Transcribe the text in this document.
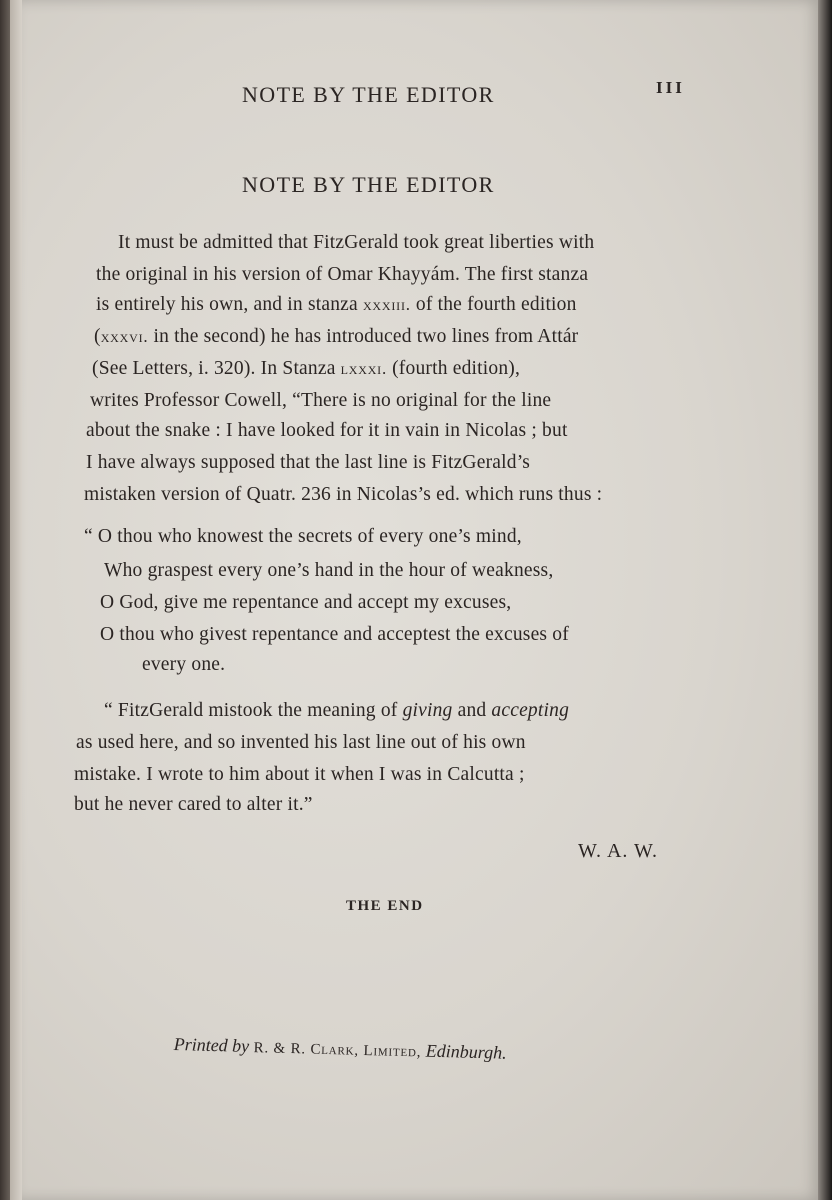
NOTE BY THE EDITOR	III
NOTE BY THE EDITOR
It must be admitted that FitzGerald took great liberties with
the original in his version of Omar Khayyám. The first stanza
is entirely his own, and in stanza xxxiii. of the fourth edition
(xxxvi. in the second) he has introduced two lines from Attár
(See Letters, i. 320). In Stanza lxxxi. (fourth edition),
writes Professor Cowell, “There is no original for the line
about the snake : I have looked for it in vain in Nicolas ; but
I have always supposed that the last line is FitzGerald’s
mistaken version of Quatr. 236 in Nicolas’s ed. which runs thus :
“ O thou who knowest the secrets of every one’s mind,
Who graspest every one’s hand in the hour of weakness,
O God, give me repentance and accept my excuses,
O thou who givest repentance and acceptest the excuses of
every one.
“ FitzGerald mistook the meaning of giving and accepting
as used here, and so invented his last line out of his own
mistake. I wrote to him about it when I was in Calcutta ;
but he never cared to alter it.”
W. A. W.
THE END
Printed by R. & R. Clark, Limited, Edinburgh.
